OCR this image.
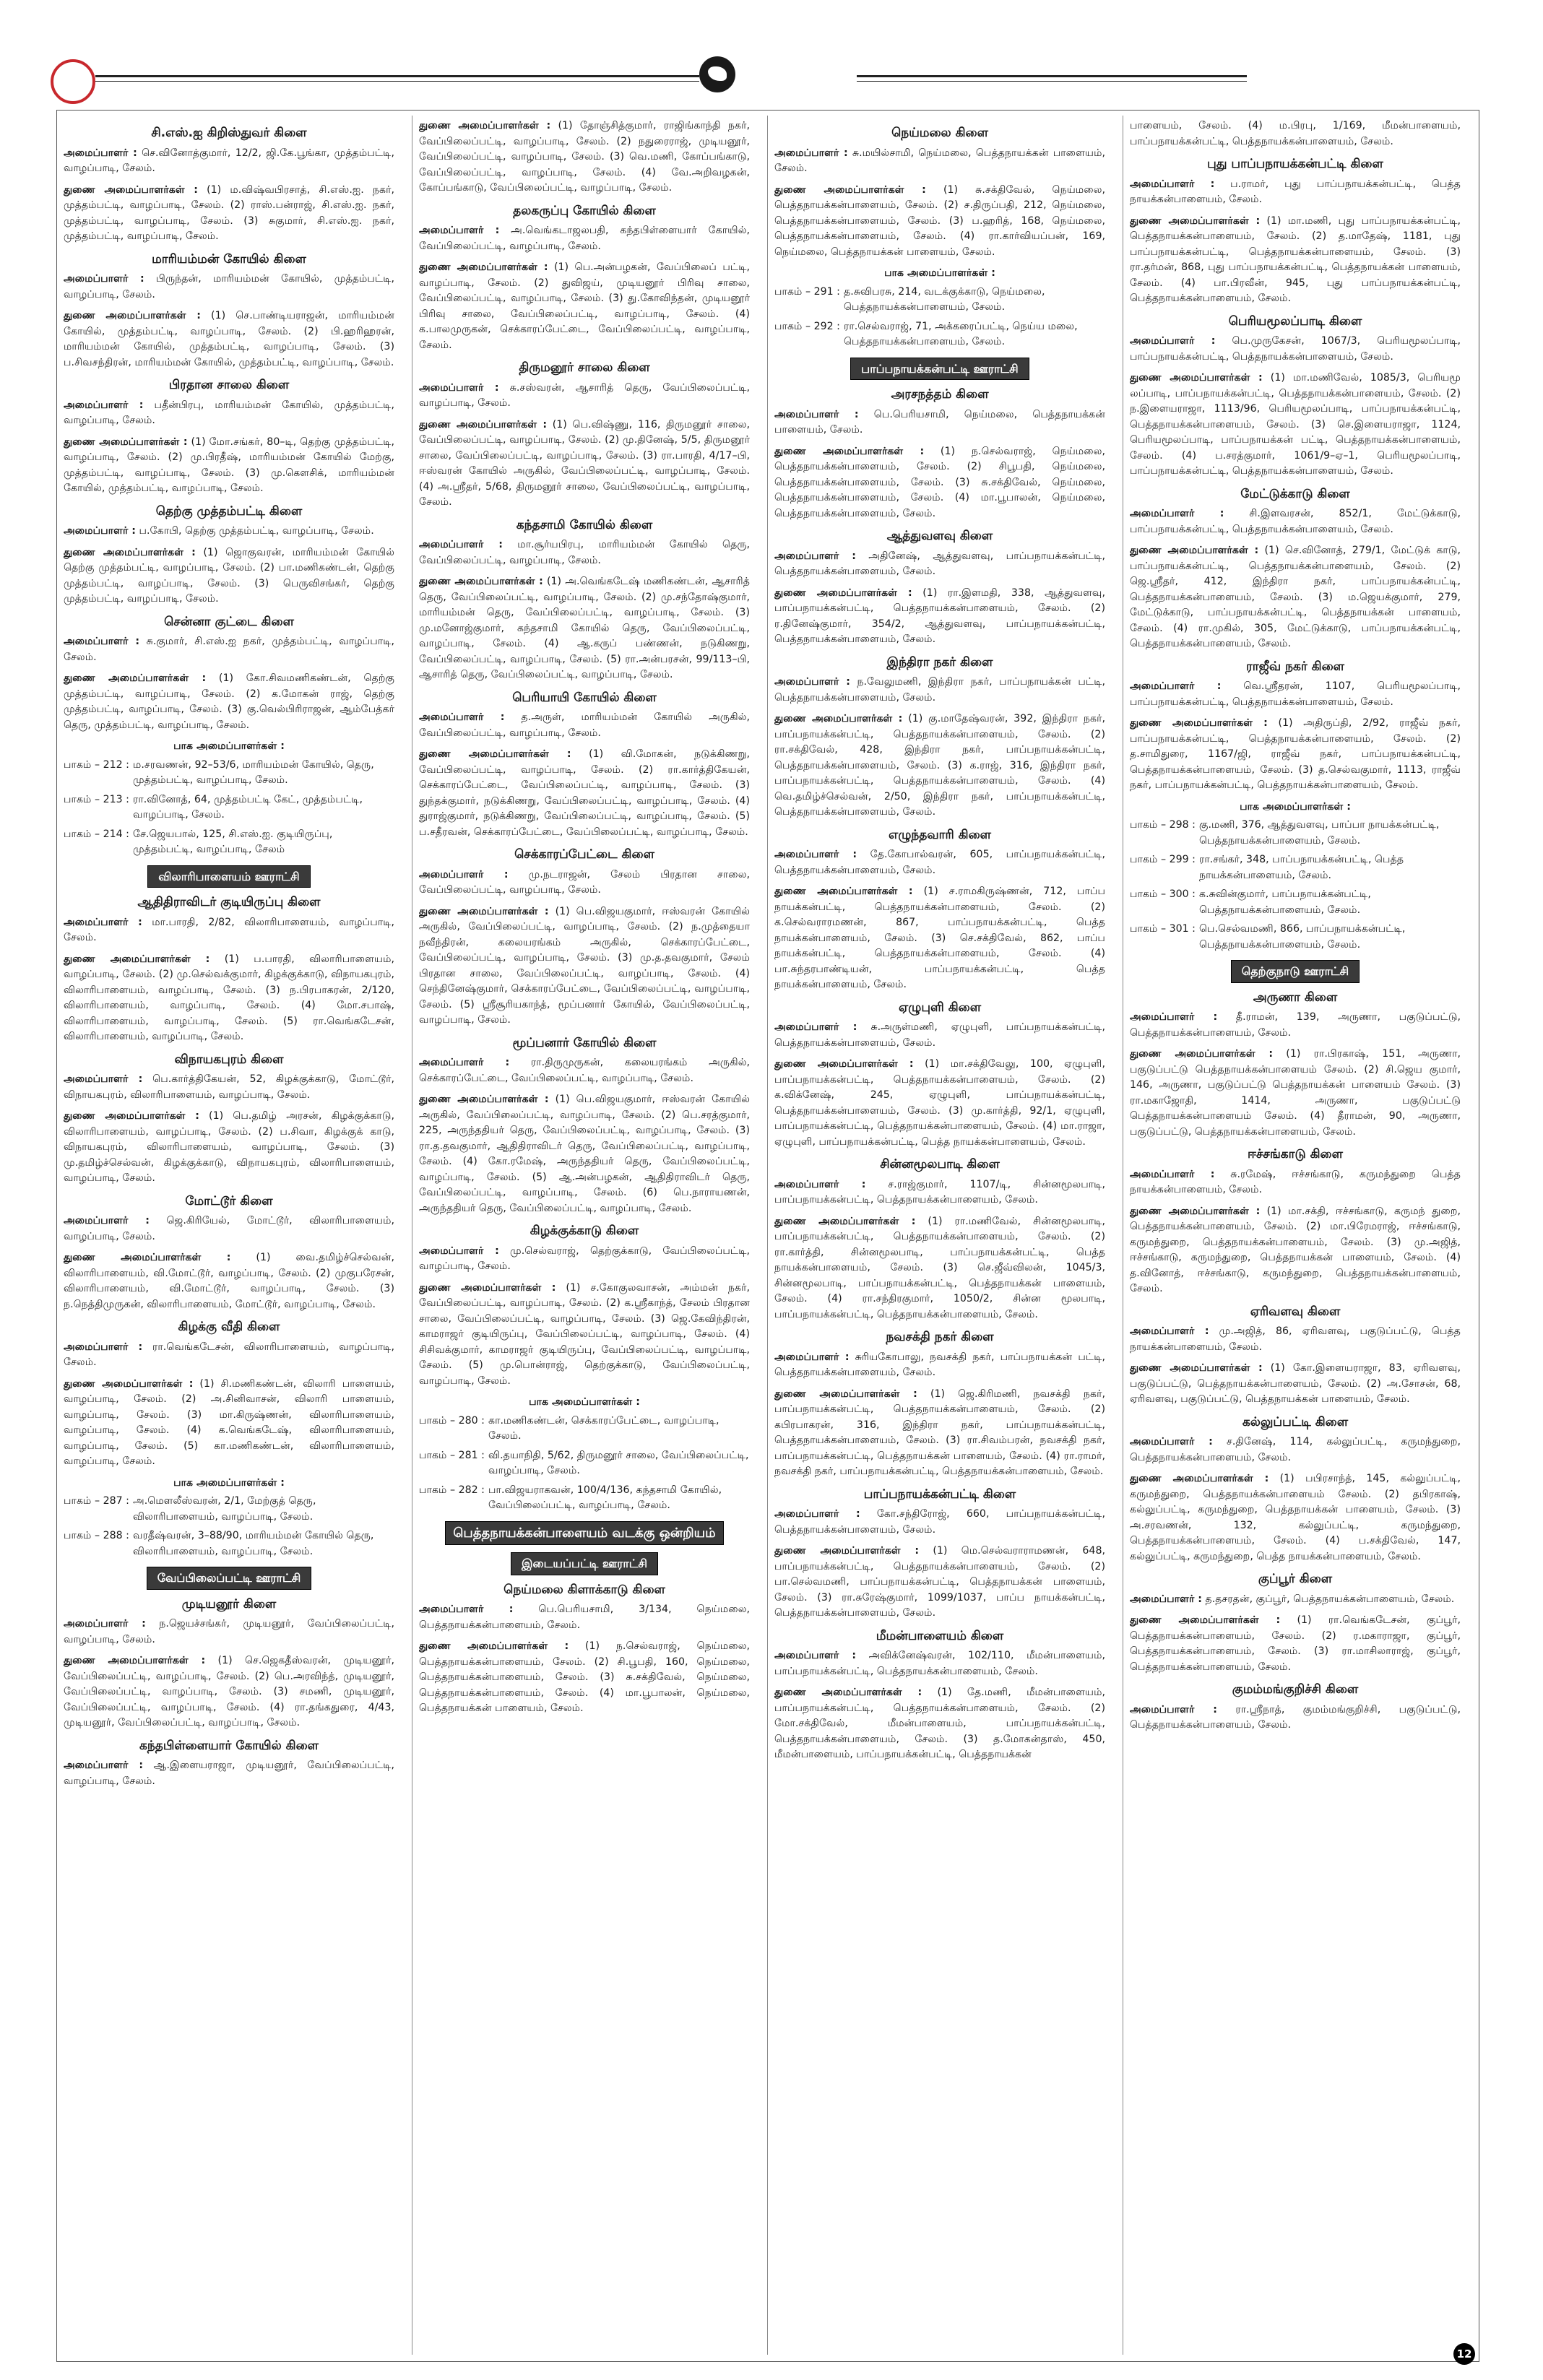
சி.எஸ்.ஐ கிறிஸ்துவர் கிளை

அமைப்பாளர் : செ.வினோத்குமார், 12/2, ஜி.கே.பூங்கா, முத்தம்பட்டி, வாழப்பாடி, சேலம்.

துணை அமைப்பாளர்கள் : (1) ம.விஷ்வபிரசாத், சி.எஸ்.ஐ. நகர், முத்தம்பட்டி, வாழப்பாடி, சேலம். (2) ராஸ்.பன்ராஜ், சி.எஸ்.ஐ. நகர், முத்தம்பட்டி, வாழப்பாடி, சேலம். (3) சுகுமார், சி.எஸ்.ஐ. நகர், முத்தம்பட்டி, வாழப்பாடி, சேலம்.

மாரியம்மன் கோயில் கிளை

அமைப்பாளர் : பிருந்தன், மாரியம்மன் கோயில், முத்தம்பட்டி, வாழப்பாடி, சேலம்.

துணை அமைப்பாளர்கள் : (1) செ.பாண்டியராஜன், மாரியம்மன் கோயில், முத்தம்பட்டி, வாழப்பாடி, சேலம். (2) பி.ஹரிஹரன், மாரியம்மன் கோயில், முத்தம்பட்டி, வாழப்பாடி, சேலம். (3) ப.சிவசந்திரன், மாரியம்மன் கோயில், முத்தம்பட்டி, வாழப்பாடி, சேலம்.

பிரதான சாலை கிளை

அமைப்பாளர் : பதீன்பிரபு, மாரியம்மன் கோயில், முத்தம்பட்டி, வாழப்பாடி, சேலம்.

துணை அமைப்பாளர்கள் : (1) மோ.சங்கர், 80–டி, தெற்கு முத்தம்பட்டி, வாழப்பாடி, சேலம். (2) மு.பிரதீஷ், மாரியம்மன் கோயில் மேற்கு, முத்தம்பட்டி, வாழப்பாடி, சேலம். (3) மு.கௌசிக், மாரியம்மன் கோயில், முத்தம்பட்டி, வாழப்பாடி, சேலம்.

தெற்கு முத்தம்பட்டி கிளை

அமைப்பாளர் : ப.கோபி, தெற்கு முத்தம்பட்டி, வாழப்பாடி, சேலம்.

துணை அமைப்பாளர்கள் : (1) ஜொகுவரன், மாரியம்மன் கோயில் தெற்கு முத்தம்பட்டி, வாழப்பாடி, சேலம். (2) பா.மணிகண்டன், தெற்கு முத்தம்பட்டி, வாழப்பாடி, சேலம். (3) பெருவிசங்கர், தெற்கு முத்தம்பட்டி, வாழப்பாடி, சேலம்.

சென்னா குட்டை கிளை

அமைப்பாளர் : சு.குமார், சி.எஸ்.ஐ நகர், முத்தம்பட்டி, வாழப்பாடி, சேலம்.

துணை அமைப்பாளர்கள் : (1) கோ.சிவமணிகண்டன், தெற்கு முத்தம்பட்டி, வாழப்பாடி, சேலம். (2) க.மோகன் ராஜ், தெற்கு முத்தம்பட்டி, வாழப்பாடி, சேலம். (3) கு.வெல்பிரிராஜன், ஆம்பேத்கர் தெரு, முத்தம்பட்டி, வாழப்பாடி, சேலம்.

பாக அமைப்பாளர்கள் :
பாகம் – 212 : ம.சரவணன், 92–53/6, மாரியம்மன் கோயில், தெரு, முத்தம்பட்டி, வாழப்பாடி, சேலம்.
பாகம் – 213 : ரா.வினோத், 64, முத்தம்பட்டி கேட், முத்தம்பட்டி, வாழப்பாடி, சேலம்.
பாகம் – 214 : சே.ஜெயபால், 125, சி.எஸ்.ஐ. குடியிருப்பு, முத்தம்பட்டி, வாழப்பாடி, சேலம்
விலாரிபாளையம் ஊராட்சி
ஆதிதிராவிடர் குடியிருப்பு கிளை

அமைப்பாளர் : மா.பாரதி, 2/82, விலாரிபாளையம், வாழப்பாடி, சேலம்.

துணை அமைப்பாளர்கள் : (1) ப.பாரதி, விலாரிபாளையம், வாழப்பாடி, சேலம். (2) மு.செல்வக்குமார், கிழக்குக்காடு, விநாயகபுரம், விலாரிபாளையம், வாழப்பாடி, சேலம். (3) ந.பிரபாகரன், 2/120, விலாரிபாளையம், வாழப்பாடி, சேலம். (4) மோ.சபாஷ், விலாரிபாளையம், வாழப்பாடி, சேலம். (5) ரா.வெங்கடேசன், விலாரிபாளையம், வாழப்பாடி, சேலம்.

விநாயகபுரம் கிளை

அமைப்பாளர் : பெ.கார்த்திகேயன், 52, கிழக்குக்காடு, மோட்டூர், விநாயகபுரம், விலாரிபாளையம், வாழப்பாடி, சேலம்.

துணை அமைப்பாளர்கள் : (1) பெ.தமிழ் அரசன், கிழக்குக்காடு, விலாரிபாளையம், வாழப்பாடி, சேலம். (2) ப.சிவா, கிழக்குக் காடு, விநாயகபுரம், விலாரிபாளையம், வாழப்பாடி, சேலம். (3) மு.தமிழ்ச்செல்வன், கிழக்குக்காடு, விநாயகபுரம், விலாரிபாளையம், வாழப்பாடி, சேலம்.

மோட்டூர் கிளை

அமைப்பாளர் : ஜெ.கிரியேல், மோட்டூர், விலாரிபாளையம், வாழப்பாடி, சேலம்.

துணை அமைப்பாளர்கள் : (1) வை.தமிழ்ச்செல்வன், விலாரிபாளையம், வி.மோட்டூர், வாழப்பாடி, சேலம். (2) முகுபரேசன், விலாரிபாளையம், வி.மோட்டூர், வாழப்பாடி, சேலம். (3) ந.நெத்திமுருகன், விலாரிபாளையம், மோட்டூர், வாழப்பாடி, சேலம்.

கிழக்கு வீதி கிளை

அமைப்பாளர் : ரா.வெங்கடேசன், விலாரிபாளையம், வாழப்பாடி, சேலம்.

துணை அமைப்பாளர்கள் : (1) சி.மணிகண்டன், விலாரி பாளையம், வாழப்பாடி, சேலம். (2) அ.சினிவாசன், விலாரி பாளையம், வாழப்பாடி, சேலம். (3) மா.கிருஷ்ணன், விலாரிபாளையம், வாழப்பாடி, சேலம். (4) க.வெங்கடேஷ், விலாரிபாளையம், வாழப்பாடி, சேலம். (5) கா.மணிகண்டன், விலாரிபாளையம், வாழப்பாடி, சேலம்.

பாக அமைப்பாளர்கள் :
பாகம் – 287 : அ.மௌலீஸ்வரன், 2/1, மேற்குத் தெரு, விலாரிபாளையம், வாழப்பாடி, சேலம்.
பாகம் – 288 : வரதீஷ்வரன், 3–88/90, மாரியம்மன் கோயில் தெரு, விலாரிபாளையம், வாழப்பாடி, சேலம்.
வேப்பிலைப்பட்டி ஊராட்சி
முடியனூர் கிளை

அமைப்பாளர் : ந.ஜெயச்சங்கர், முடியனூர், வேப்பிலைப்பட்டி, வாழப்பாடி, சேலம்.

துணை அமைப்பாளர்கள் : (1) செ.ஜெகதீஸ்வரன், முடியனூர், வேப்பிலைப்பட்டி, வாழப்பாடி, சேலம். (2) பெ.அரவிந்த், முடியனூர், வேப்பிலைப்பட்டி, வாழப்பாடி, சேலம். (3) சமணி, முடியனூர், வேப்பிலைப்பட்டி, வாழப்பாடி, சேலம். (4) ரா.தங்கதுரை, 4/43, முடியனூர், வேப்பிலைப்பட்டி, வாழப்பாடி, சேலம்.

கந்தபிள்ளையார் கோயில் கிளை

அமைப்பாளர் : ஆ.இளையராஜா, முடியனூர், வேப்பிலைப்பட்டி, வாழப்பாடி, சேலம்.

துணை அமைப்பாளர்கள் : (1) தோஞ்சித்குமார், ராஜிங்காந்தி நகர், வேப்பிலைப்பட்டி, வாழப்பாடி, சேலம். (2) நதுரைராஜ், முடியனூர், வேப்பிலைப்பட்டி, வாழப்பாடி, சேலம். (3) வெ.மணி, கோப்பங்காடு, வேப்பிலைப்பட்டி, வாழப்பாடி, சேலம். (4) வே.அறிவழகன், கோப்பங்காடு, வேப்பிலைப்பட்டி, வாழப்பாடி, சேலம்.

தலகருப்பு கோயில் கிளை

அமைப்பாளர் : அ.வெங்கடாஜலபதி, கந்தபிள்ளையார் கோயில், வேப்பிலைப்பட்டி, வாழப்பாடி, சேலம்.

துணை அமைப்பாளர்கள் : (1) பெ.அன்பழகன், வேப்பிலைப் பட்டி, வாழப்பாடி, சேலம். (2) துவிஜய், முடியனூர் பிரிவு சாலை, வேப்பிலைப்பட்டி, வாழப்பாடி, சேலம். (3) து.கோவிந்தன், முடியனூர் பிரிவு சாலை, வேப்பிலைப்பட்டி, வாழப்பாடி, சேலம். (4) க.பாலமுருகன், செக்காரப்பேட்டை, வேப்பிலைப்பட்டி, வாழப்பாடி, சேலம்.

திருமனூர் சாலை கிளை

அமைப்பாளர் : சு.சஸ்வரன், ஆசாரித் தெரு, வேப்பிலைப்பட்டி, வாழப்பாடி, சேலம்.

துணை அமைப்பாளர்கள் : (1) பெ.விஷ்ணு, 116, திருமனூர் சாலை, வேப்பிலைப்பட்டி, வாழப்பாடி, சேலம். (2) மு.தினேஷ், 5/5, திருமனூர் சாலை, வேப்பிலைப்பட்டி, வாழப்பாடி, சேலம். (3) ரா.பாரதி, 4/17–பி, ஈஸ்வரன் கோயில் அருகில், வேப்பிலைப்பட்டி, வாழப்பாடி, சேலம். (4) அ.ஸ்ரீதர், 5/68, திருமனூர் சாலை, வேப்பிலைப்பட்டி, வாழப்பாடி, சேலம்.

கந்தசாமி கோயில் கிளை

அமைப்பாளர் : மா.சூர்யபிரபு, மாரியம்மன் கோயில் தெரு, வேப்பிலைப்பட்டி, வாழப்பாடி, சேலம்.

துணை அமைப்பாளர்கள் : (1) அ.வெங்கடேஷ் மணிகண்டன், ஆசாரித் தெரு, வேப்பிலைப்பட்டி, வாழப்பாடி, சேலம். (2) மு.சந்தோஷ்குமார், மாரியம்மன் தெரு, வேப்பிலைப்பட்டி, வாழப்பாடி, சேலம். (3) மு.மனோஜ்குமார், கந்தசாமி கோயில் தெரு, வேப்பிலைப்பட்டி, வாழப்பாடி, சேலம். (4) ஆ.கருப் பண்ணன், நடுகிணறு, வேப்பிலைப்பட்டி, வாழப்பாடி, சேலம். (5) ரா.அன்பரசன், 99/113–பி, ஆசாரித் தெரு, வேப்பிலைப்பட்டி, வாழப்பாடி, சேலம்.

பெரியாயி கோயில் கிளை

அமைப்பாளர் : த.அருள், மாரியம்மன் கோயில் அருகில், வேப்பிலைப்பட்டி, வாழப்பாடி, சேலம்.

துணை அமைப்பாளர்கள் : (1) வி.மோகன், நடுக்கிணறு, வேப்பிலைப்பட்டி, வாழப்பாடி, சேலம். (2) ரா.கார்த்திகேயன், செக்காரப்பேட்டை, வேப்பிலைப்பட்டி, வாழப்பாடி, சேலம். (3) துந்தக்குமார், நடுக்கிணறு, வேப்பிலைப்பட்டி, வாழப்பாடி, சேலம். (4) துராஜ்குமார், நடுக்கிணறு, வேப்பிலைப்பட்டி, வாழப்பாடி, சேலம். (5) ப.சதீரவன், செக்காரப்பேட்டை, வேப்பிலைப்பட்டி, வாழப்பாடி, சேலம்.

செக்காரப்பேட்டை கிளை

அமைப்பாளர் : மு.நடராஜன், சேலம் பிரதான சாலை, வேப்பிலைப்பட்டி, வாழப்பாடி, சேலம்.

துணை அமைப்பாளர்கள் : (1) பெ.விஜயகுமார், ஈஸ்வரன் கோயில் அருகில், வேப்பிலைப்பட்டி, வாழப்பாடி, சேலம். (2) ந.முத்தையா நவீந்திரன், கலையரங்கம் அருகில், செக்காரப்பேட்டை, வேப்பிலைப்பட்டி, வாழப்பாடி, சேலம். (3) மு.த.தவகுமார், சேலம் பிரதான சாலை, வேப்பிலைப்பட்டி, வாழப்பாடி, சேலம். (4) செந்தினேஷ்குமார், செக்காரப்பேட்டை, வேப்பிலைப்பட்டி, வாழப்பாடி, சேலம். (5) ஸ்ரீசூரியகாந்த், மூப்பனார் கோயில், வேப்பிலைப்பட்டி, வாழப்பாடி, சேலம்.

மூப்பனார் கோயில் கிளை

அமைப்பாளர் : ரா.திருமுருகன், கலையரங்கம் அருகில், செக்காரப்பேட்டை, வேப்பிலைப்பட்டி, வாழப்பாடி, சேலம்.

துணை அமைப்பாளர்கள் : (1) பெ.விஜயகுமார், ஈஸ்வரன் கோயில் அருகில், வேப்பிலைப்பட்டி, வாழப்பாடி, சேலம். (2) பெ.சரத்குமார், 225, அருந்ததியர் தெரு, வேப்பிலைப்பட்டி, வாழப்பாடி, சேலம். (3) ரா.த.தவகுமார், ஆதிதிராவிடர் தெரு, வேப்பிலைப்பட்டி, வாழப்பாடி, சேலம். (4) கோ.ரமேஷ், அருந்ததியர் தெரு, வேப்பிலைப்பட்டி, வாழப்பாடி, சேலம். (5) ஆ.அன்பழகன், ஆதிதிராவிடர் தெரு, வேப்பிலைப்பட்டி, வாழப்பாடி, சேலம். (6) பெ.நாராயணன், அருந்ததியர் தெரு, வேப்பிலைப்பட்டி, வாழப்பாடி, சேலம்.

கிழக்குக்காடு கிளை

அமைப்பாளர் : மு.செல்வராஜ், தெற்குக்காடு, வேப்பிலைப்பட்டி, வாழப்பாடி, சேலம்.

துணை அமைப்பாளர்கள் : (1) ச.கோகுலவாசன், அம்மன் நகர், வேப்பிலைப்பட்டி, வாழப்பாடி, சேலம். (2) க.ஸ்ரீகாந்த், சேலம் பிரதான சாலை, வேப்பிலைப்பட்டி, வாழப்பாடி, சேலம். (3) ஜெ.கேவிந்திரன், காமராஜர் குடியிருப்பு, வேப்பிலைப்பட்டி, வாழப்பாடி, சேலம். (4) சிசிவக்குமார், காமராஜர் குடியிருப்பு, வேப்பிலைப்பட்டி, வாழப்பாடி, சேலம். (5) மு.பொன்ராஜ், தெற்குக்காடு, வேப்பிலைப்பட்டி, வாழப்பாடி, சேலம்.

பாக அமைப்பாளர்கள் :
பாகம் – 280 : கா.மணிகண்டன், செக்காரப்பேட்டை, வாழப்பாடி, சேலம்.
பாகம் – 281 : வி.தயாநிதி, 5/62, திருமனூர் சாலை, வேப்பிலைப்பட்டி, வாழப்பாடி, சேலம்.
பாகம் – 282 : பா.விஜயராகவன், 100/4/136, கந்தசாமி கோயில், வேப்பிலைப்பட்டி, வாழப்பாடி, சேலம்.
பெத்தநாயக்கன்பாளையம் வடக்கு ஒன்றியம்
இடையப்பட்டி ஊராட்சி
நெய்மலை கிளாக்காடு கிளை

அமைப்பாளர் : பெ.பெரியசாமி, 3/134, நெய்மலை, பெத்தநாயக்கன்பாளையம், சேலம்.

துணை அமைப்பாளர்கள் : (1) ந.செல்வராஜ், நெய்மலை, பெத்தநாயக்கன்பாளையம், சேலம். (2) சி.பூபதி, 160, நெய்மலை, பெத்தநாயக்கன்பாளையம், சேலம். (3) சு.சக்திவேல், நெய்மலை, பெத்தநாயக்கன்பாளையம், சேலம். (4) மா.பூபாலன், நெய்மலை, பெத்தநாயக்கன் பாளையம், சேலம்.

நெய்மலை கிளை

அமைப்பாளர் : சு.மயில்சாமி, நெய்மலை, பெத்தநாயக்கன் பாளையம், சேலம்.

துணை அமைப்பாளர்கள் : (1) சு.சக்திவேல், நெய்மலை, பெத்தநாயக்கன்பாளையம், சேலம். (2) ச.திருப்பதி, 212, நெய்மலை, பெத்தநாயக்கன்பாளையம், சேலம். (3) ப.ஹரித், 168, நெய்மலை, பெத்தநாயக்கன்பாளையம், சேலம். (4) ரா.கார்வியப்பன், 169, நெய்மலை, பெத்தநாயக்கன் பாளையம், சேலம்.

பாக அமைப்பாளர்கள் :
பாகம் – 291 : த.சுவிபரசு, 214, வடக்குக்காடு, நெய்மலை, பெத்தநாயக்கன்பாளையம், சேலம்.
பாகம் – 292 : ரா.செல்வராஜ், 71, அக்கரைப்பட்டி, நெய்ய மலை, பெத்தநாயக்கன்பாளையம், சேலம்.
பாப்பநாயக்கன்பட்டி ஊராட்சி
அரசநத்தம் கிளை

அமைப்பாளர் : பெ.பெரியசாமி, நெய்மலை, பெத்தநாயக்கன் பாளையம், சேலம்.

துணை அமைப்பாளர்கள் : (1) ந.செல்வராஜ், நெய்மலை, பெத்தநாயக்கன்பாளையம், சேலம். (2) சிபூபதி, நெய்மலை, பெத்தநாயக்கன்பாளையம், சேலம். (3) சு.சக்திவேல், நெய்மலை, பெத்தநாயக்கன்பாளையம், சேலம். (4) மா.பூபாலன், நெய்மலை, பெத்தநாயக்கன்பாளையம், சேலம்.

ஆத்துவளவு கிளை

அமைப்பாளர் : அதினேஷ், ஆத்துவளவு, பாப்பநாயக்கன்பட்டி, பெத்தநாயக்கன்பாளையம், சேலம்.

துணை அமைப்பாளர்கள் : (1) ரா.இளமதி, 338, ஆத்துவளவு, பாப்பநாயக்கன்பட்டி, பெத்தநாயக்கன்பாளையம், சேலம். (2) ர.தினேஷ்குமார், 354/2, ஆத்துவளவு, பாப்பநாயக்கன்பட்டி, பெத்தநாயக்கன்பாளையம், சேலம்.

இந்திரா நகர் கிளை

அமைப்பாளர் : ந.வேலுமணி, இந்திரா நகர், பாப்பநாயக்கன் பட்டி, பெத்தநாயக்கன்பாளையம், சேலம்.

துணை அமைப்பாளர்கள் : (1) கு.மாதேஷ்வரன், 392, இந்திரா நகர், பாப்பநாயக்கன்பட்டி, பெத்தநாயக்கன்பாளையம், சேலம். (2) ரா.சக்திவேல், 428, இந்திரா நகர், பாப்பநாயக்கன்பட்டி, பெத்தநாயக்கன்பாளையம், சேலம். (3) க.ராஜ், 316, இந்திரா நகர், பாப்பநாயக்கன்பட்டி, பெத்தநாயக்கன்பாளையம், சேலம். (4) வெ.தமிழ்ச்செல்வன், 2/50, இந்திரா நகர், பாப்பநாயக்கன்பட்டி, பெத்தநாயக்கன்பாளையம், சேலம்.

எழுந்தவாரி கிளை

அமைப்பாளர் : தே.கோபால்வரன், 605, பாப்பநாயக்கன்பட்டி, பெத்தநாயக்கன்பாளையம், சேலம்.

துணை அமைப்பாளர்கள் : (1) ச.ராமகிருஷ்ணன், 712, பாப்ப நாயக்கன்பட்டி, பெத்தநாயக்கன்பாளையம், சேலம். (2) க.செல்வராரமணன், 867, பாப்பநாயக்கன்பட்டி, பெத்த நாயக்கன்பாளையம், சேலம். (3) செ.சக்திவேல், 862, பாப்ப நாயக்கன்பட்டி, பெத்தநாயக்கன்பாளையம், சேலம். (4) பா.சுந்தரபாண்டியன், பாப்பநாயக்கன்பட்டி, பெத்த நாயக்கன்பாளையம், சேலம்.

ஏழுபுளி கிளை

அமைப்பாளர் : சு.அருள்மணி, ஏழுபுளி, பாப்பநாயக்கன்பட்டி, பெத்தநாயக்கன்பாளையம், சேலம்.

துணை அமைப்பாளர்கள் : (1) மா.சக்திவேலு, 100, ஏழுபுளி, பாப்பநாயக்கன்பட்டி, பெத்தநாயக்கன்பாளையம், சேலம். (2) க.விக்னேஷ், 245, ஏழுபுளி, பாப்பநாயக்கன்பட்டி, பெத்தநாயக்கன்பாளையம், சேலம். (3) மு.கார்த்தி, 92/1, ஏழுபுளி, பாப்பநாயக்கன்பட்டி, பெத்தநாயக்கன்பாளையம், சேலம். (4) மா.ராஜா, ஏழுபுளி, பாப்பநாயக்கன்பட்டி, பெத்த நாயக்கன்பாளையம், சேலம்.

சின்னமூலபாடி கிளை

அமைப்பாளர் : ச.ராஜ்குமார், 1107/டி, சின்னமூலபாடி, பாப்பநாயக்கன்பட்டி, பெத்தநாயக்கன்பாளையம், சேலம்.

துணை அமைப்பாளர்கள் : (1) ரா.மணிவேல், சின்னமூலபாடி, பாப்பநாயக்கன்பட்டி, பெத்தநாயக்கன்பாளையம், சேலம். (2) ரா.கார்த்தி, சின்னமூலபாடி, பாப்பநாயக்கன்பட்டி, பெத்த நாயக்கன்பாளையம், சேலம். (3) செ.ஜீவ்விலன், 1045/3, சின்னமூலபாடி, பாப்பநாயக்கன்பட்டி, பெத்தநாயக்கன் பாளையம், சேலம். (4) ரா.சந்திரகுமார், 1050/2, சின்ன மூலபாடி, பாப்பநாயக்கன்பட்டி, பெத்தநாயக்கன்பாளையம், சேலம்.

நவசக்தி நகர் கிளை

அமைப்பாளர் : சுரியகோபாலு, நவசக்தி நகர், பாப்பநாயக்கன் பட்டி, பெத்தநாயக்கன்பாளையம், சேலம்.

துணை அமைப்பாளர்கள் : (1) ஜெ.கிரிமணி, நவசக்தி நகர், பாப்பநாயக்கன்பட்டி, பெத்தநாயக்கன்பாளையம், சேலம். (2) கபிரபாகரன், 316, இந்திரா நகர், பாப்பநாயக்கன்பட்டி, பெத்தநாயக்கன்பாளையம், சேலம். (3) ரா.சிவம்பரன், நவசக்தி நகர், பாப்பநாயக்கன்பட்டி, பெத்தநாயக்கன் பாளையம், சேலம். (4) ரா.ராமர், நவசக்தி நகர், பாப்பநாயக்கன்பட்டி, பெத்தநாயக்கன்பாளையம், சேலம்.

பாப்பநாயக்கன்பட்டி கிளை

அமைப்பாளர் : கோ.சந்திரோஜ், 660, பாப்பநாயக்கன்பட்டி, பெத்தநாயக்கன்பாளையம், சேலம்.

துணை அமைப்பாளர்கள் : (1) மெ.செல்வராராமணன், 648, பாப்பநாயக்கன்பட்டி, பெத்தநாயக்கன்பாளையம், சேலம். (2) பா.செல்வமணி, பாப்பநாயக்கன்பட்டி, பெத்தநாயக்கன் பாளையம், சேலம். (3) ரா.சுரேஷ்குமார், 1099/1037, பாப்ப நாயக்கன்பட்டி, பெத்தநாயக்கன்பாளையம், சேலம்.

மீமன்பாளையம் கிளை

அமைப்பாளர் : அவிக்னேஷ்வரன், 102/110, மீமன்பாளையம், பாப்பநாயக்கன்பட்டி, பெத்தநாயக்கன்பாளையம், சேலம்.

துணை அமைப்பாளர்கள் : (1) தே.மணி, மீமன்பாளையம், பாப்பநாயக்கன்பட்டி, பெத்தநாயக்கன்பாளையம், சேலம். (2) மோ.சக்திவேல், மீமன்பாளையம், பாப்பநாயக்கன்பட்டி, பெத்தநாயக்கன்பாளையம், சேலம். (3) த.மோகன்தாஸ், 450, மீமன்பாளையம், பாப்பநாயக்கன்பட்டி, பெத்தநாயக்கன்

பாளையம், சேலம். (4) ம.பிரபு, 1/169, மீமன்பாளையம், பாப்பநாயக்கன்பட்டி, பெத்தநாயக்கன்பாளையம், சேலம்.

புது பாப்பநாயக்கன்பட்டி கிளை

அமைப்பாளர் : ப.ராமர், புது பாப்பநாயக்கன்பட்டி, பெத்த நாயக்கன்பாளையம், சேலம்.

துணை அமைப்பாளர்கள் : (1) மா.மணி, புது பாப்பநாயக்கன்பட்டி, பெத்தநாயக்கன்பாளையம், சேலம். (2) த.மாதேஷ், 1181, புது பாப்பநாயக்கன்பட்டி, பெத்தநாயக்கன்பாளையம், சேலம். (3) ரா.தர்மன், 868, புது பாப்பநாயக்கன்பட்டி, பெத்தநாயக்கன் பாளையம், சேலம். (4) பா.பிரவீன், 945, புது பாப்பநாயக்கன்பட்டி, பெத்தநாயக்கன்பாளையம், சேலம்.

பெரியமூலப்பாடி கிளை

அமைப்பாளர் : பெ.முருகேசன், 1067/3, பெரியமூலப்பாடி, பாப்பநாயக்கன்பட்டி, பெத்தநாயக்கன்பாளையம், சேலம்.

துணை அமைப்பாளர்கள் : (1) மா.மணிவேல், 1085/3, பெரியமூ லப்பாடி, பாப்பநாயக்கன்பட்டி, பெத்தநாயக்கன்பாளையம், சேலம். (2) ந.இளையராஜா, 1113/96, பெரியமூலப்பாடி, பாப்பநாயக்கன்பட்டி, பெத்தநாயக்கன்பாளையம், சேலம். (3) செ.இளையராஜா, 1124, பெரியமூலப்பாடி, பாப்பநாயக்கன் பட்டி, பெத்தநாயக்கன்பாளையம், சேலம். (4) ப.சரத்குமார், 1061/9–ஏ–1, பெரியமூலப்பாடி, பாப்பநாயக்கன்பட்டி, பெத்தநாயக்கன்பாளையம், சேலம்.

மேட்டுக்காடு கிளை

அமைப்பாளர் : சி.இளவரசன், 852/1, மேட்டுக்காடு, பாப்பநாயக்கன்பட்டி, பெத்தநாயக்கன்பாளையம், சேலம்.

துணை அமைப்பாளர்கள் : (1) செ.வினோத், 279/1, மேட்டுக் காடு, பாப்பநாயக்கன்பட்டி, பெத்தநாயக்கன்பாளையம், சேலம். (2) ஜெ.ஸ்ரீதர், 412, இந்திரா நகர், பாப்பநாயக்கன்பட்டி, பெத்தநாயக்கன்பாளையம், சேலம். (3) ம.ஜெயக்குமார், 279, மேட்டுக்காடு, பாப்பநாயக்கன்பட்டி, பெத்தநாயக்கன் பாளையம், சேலம். (4) ரா.முகில், 305, மேட்டுக்காடு, பாப்பநாயக்கன்பட்டி, பெத்தநாயக்கன்பாளையம், சேலம்.

ராஜீவ் நகர் கிளை

அமைப்பாளர் : வெ.ஸ்ரீதரன், 1107, பெரியமூலப்பாடி, பாப்பநாயக்கன்பட்டி, பெத்தநாயக்கன்பாளையம், சேலம்.

துணை அமைப்பாளர்கள் : (1) அதிருப்தி, 2/92, ராஜீவ் நகர், பாப்பநாயக்கன்பட்டி, பெத்தநாயக்கன்பாளையம், சேலம். (2) த.சாமிதுரை, 1167/ஜி, ராஜீவ் நகர், பாப்பநாயக்கன்பட்டி, பெத்தநாயக்கன்பாளையம், சேலம். (3) த.செல்வகுமார், 1113, ராஜீவ் நகர், பாப்பநாயக்கன்பட்டி, பெத்தநாயக்கன்பாளையம், சேலம்.

பாக அமைப்பாளர்கள் :
பாகம் – 298 : கு.மணி, 376, ஆத்துவளவு, பாப்பா நாயக்கன்பட்டி, பெத்தநாயக்கன்பாளையம், சேலம்.
பாகம் – 299 : ரா.சங்கர், 348, பாப்பநாயக்கன்பட்டி, பெத்த நாயக்கன்பாளையம், சேலம்.
பாகம் – 300 : க.சுவின்குமார், பாப்பநாயக்கன்பட்டி, பெத்தநாயக்கன்பாளையம், சேலம்.
பாகம் – 301 : பெ.செல்வமணி, 866, பாப்பநாயக்கன்பட்டி, பெத்தநாயக்கன்பாளையம், சேலம்.
தெற்குநாடு ஊராட்சி
அருணா கிளை

அமைப்பாளர் : தீ.ராமன், 139, அருணா, பகுடுப்பட்டு, பெத்தநாயக்கன்பாளையம், சேலம்.

துணை அமைப்பாளர்கள் : (1) ரா.பிரகாஷ், 151, அருணா, பகுடுப்பட்டு பெத்தநாயக்கன்பாளையம் சேலம். (2) சி.ஜெய குமார், 146, அருணா, பகுடுப்பட்டு பெத்தநாயக்கன் பாளையம் சேலம். (3) ரா.மகாஜோதி, 1414, அருணா, பகுடுப்பட்டு பெத்தநாயக்கன்பாளையம் சேலம். (4) தீராமன், 90, அருணா, பகுடுப்பட்டு, பெத்தநாயக்கன்பாளையம், சேலம்.

ஈச்சங்காடு கிளை

அமைப்பாளர் : சு.ரமேஷ், ஈச்சங்காடு, கருமந்துறை பெத்த நாயக்கன்பாளையம், சேலம்.

துணை அமைப்பாளர்கள் : (1) மா.சக்தி, ஈச்சங்காடு, கருமந் துறை, பெத்தநாயக்கன்பாளையம், சேலம். (2) மா.பிரேமராஜ், ஈச்சங்காடு, கருமந்துறை, பெத்தநாயக்கன்பாளையம், சேலம். (3) மு.அஜித், ஈச்சங்காடு, கருமந்துறை, பெத்தநாயக்கன் பாளையம், சேலம். (4) த.வினோத், ஈச்சங்காடு, கருமந்துறை, பெத்தநாயக்கன்பாளையம், சேலம்.

ஏரிவளவு கிளை

அமைப்பாளர் : மு.அஜித், 86, ஏரிவளவு, பகுடுப்பட்டு, பெத்த நாயக்கன்பாளையம், சேலம்.

துணை அமைப்பாளர்கள் : (1) கோ.இளையராஜா, 83, ஏரிவளவு, பகுடுப்பட்டு, பெத்தநாயக்கன்பாளையம், சேலம். (2) அ.சோசன், 68, ஏரிவளவு, பகுடுப்பட்டு, பெத்தநாயக்கன் பாளையம், சேலம்.

கல்லுப்பட்டி கிளை

அமைப்பாளர் : ச.தினேஷ், 114, கல்லுப்பட்டி, கருமந்துறை, பெத்தநாயக்கன்பாளையம், சேலம்.

துணை அமைப்பாளர்கள் : (1) பபிரசாந்த், 145, கல்லுப்பட்டி, கருமந்துறை, பெத்தநாயக்கன்பாளையம் சேலம். (2) தபிரகாஷ், கல்லுப்பட்டி, கருமந்துறை, பெத்தநாயக்கன் பாளையம், சேலம். (3) அ.சரவணன், 132, கல்லுப்பட்டி, கருமந்துறை, பெத்தநாயக்கன்பாளையம், சேலம். (4) ப.சக்திவேல், 147, கல்லுப்பட்டி, கருமந்துறை, பெத்த நாயக்கன்பாளையம், சேலம்.

குப்பூர் கிளை

அமைப்பாளர் : த.தசரதன், குப்பூர், பெத்தநாயக்கன்பாளையம், சேலம்.

துணை அமைப்பாளர்கள் : (1) ரா.வெங்கடேசன், குப்பூர், பெத்தநாயக்கன்பாளையம், சேலம். (2) ர.மகாராஜா, குப்பூர், பெத்தநாயக்கன்பாளையம், சேலம். (3) ரா.மாசிலாராஜ், குப்பூர், பெத்தநாயக்கன்பாளையம், சேலம்.

குமம்மங்குறிச்சி கிளை

அமைப்பாளர் : ரா.ஸ்ரீநாத், குமம்மங்குறிச்சி, பகுடுப்பட்டு, பெத்தநாயக்கன்பாளையம், சேலம்.

12
